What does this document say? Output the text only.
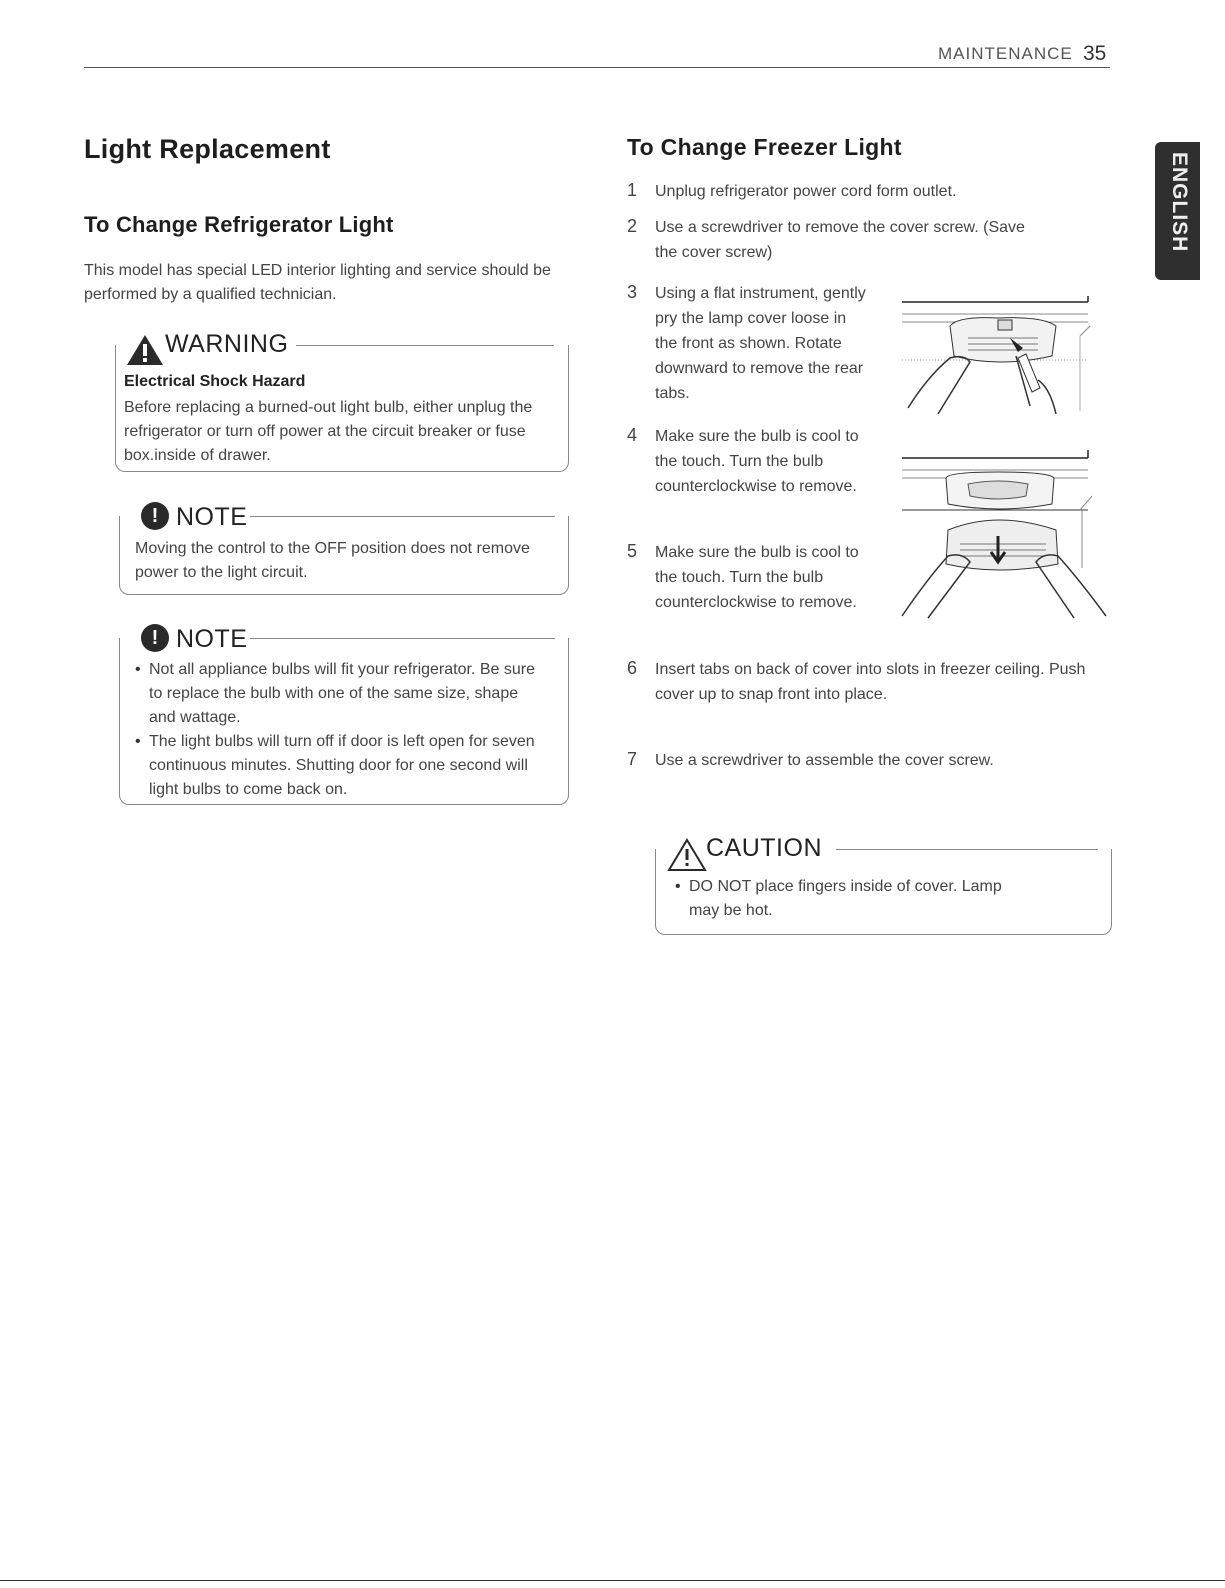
MAINTENANCE 35
ENGLISH
Light Replacement
To Change Refrigerator Light
This model has special LED interior lighting and service should be performed by a qualified technician.
WARNING
Electrical Shock Hazard
Before replacing a burned-out light bulb, either unplug the refrigerator or turn off power at the circuit breaker or fuse box.inside of drawer.
! NOTE
Moving the control to the OFF position does not remove power to the light circuit.
! NOTE
• Not all appliance bulbs will fit your refrigerator. Be sure to replace the bulb with one of the same size, shape and wattage.
• The light bulbs will turn off if door is left open for seven continuous minutes. Shutting door for one second will light bulbs to come back on.
To Change Freezer Light
1 Unplug refrigerator power cord form outlet.
2 Use a screwdriver to remove the cover screw. (Save the cover screw)
3 Using a flat instrument, gently pry the lamp cover loose in the front as shown. Rotate downward to remove the rear tabs.
4 Make sure the bulb is cool to the touch. Turn the bulb counterclockwise to remove.
5 Make sure the bulb is cool to the touch. Turn the bulb counterclockwise to remove.
6 Insert tabs on back of cover into slots in freezer ceiling. Push cover up to snap front into place.
7 Use a screwdriver to assemble the cover screw.
CAUTION
• DO NOT place fingers inside of cover. Lamp may be hot.
